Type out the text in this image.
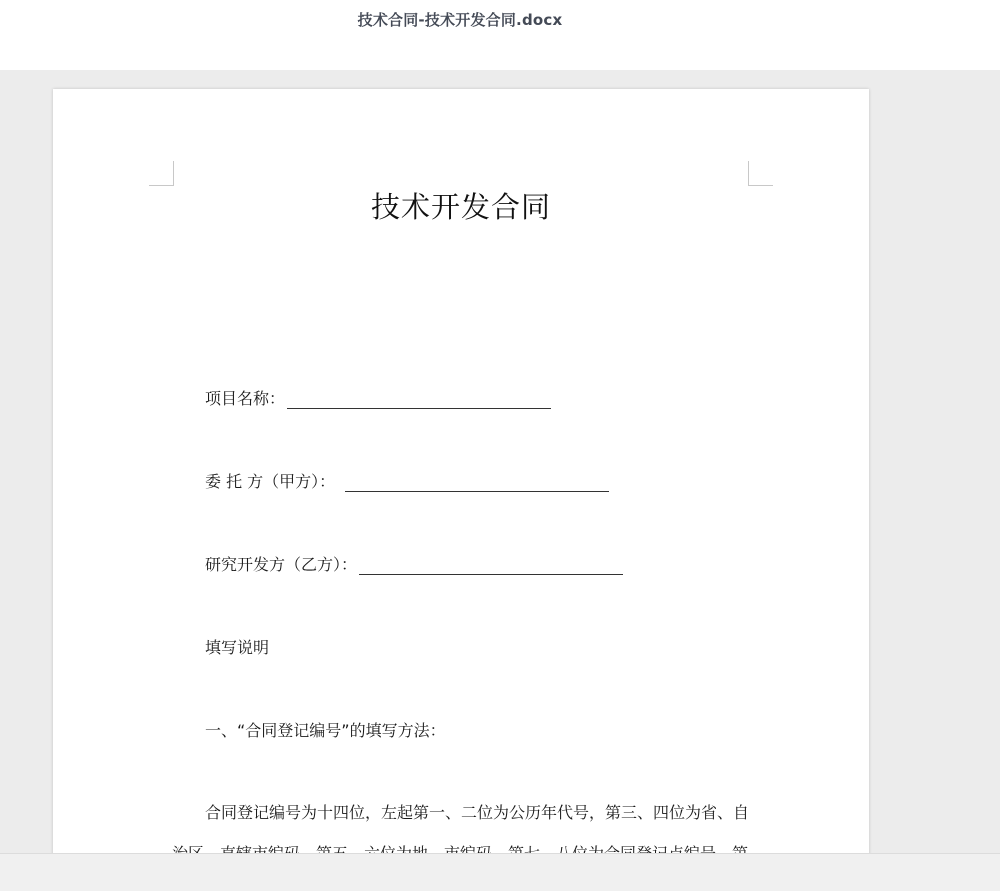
技术合同-技术开发合同.docx
技术开发合同
项目名称：
委 托 方（甲方）：
研究开发方（乙方）：
填写说明
一、“合同登记编号”的填写方法：
合同登记编号为十四位，左起第一、二位为公历年代号，第三、四位为省、自
